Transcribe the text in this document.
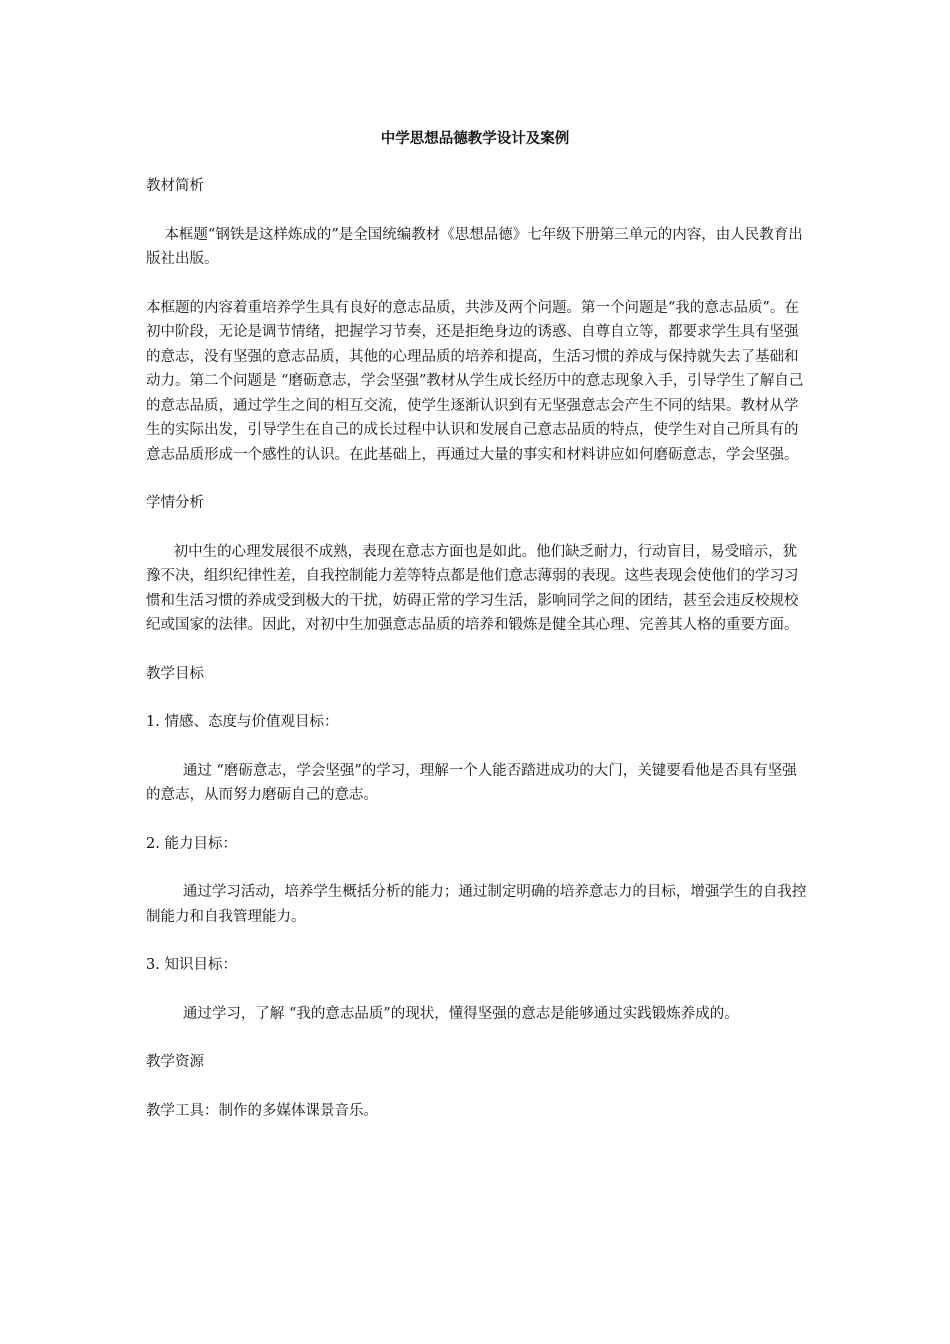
中学思想品德教学设计及案例

教材简析

本框题“钢铁是这样炼成的”是全国统编教材《思想品德》七年级下册第三单元的内容，由人民教育出版社出版。

本框题的内容着重培养学生具有良好的意志品质，共涉及两个问题。第一个问题是“我的意志品质”。在初中阶段，无论是调节情绪，把握学习节奏，还是拒绝身边的诱惑、自尊自立等，都要求学生具有坚强的意志，没有坚强的意志品质，其他的心理品质的培养和提高，生活习惯的养成与保持就失去了基础和动力。第二个问题是 “磨砺意志，学会坚强”教材从学生成长经历中的意志现象入手，引导学生了解自己的意志品质，通过学生之间的相互交流，使学生逐渐认识到有无坚强意志会产生不同的结果。教材从学生的实际出发，引导学生在自己的成长过程中认识和发展自己意志品质的特点，使学生对自己所具有的意志品质形成一个感性的认识。在此基础上，再通过大量的事实和材料讲应如何磨砺意志，学会坚强。

学情分析

初中生的心理发展很不成熟，表现在意志方面也是如此。他们缺乏耐力，行动盲目，易受暗示，犹豫不决，组织纪律性差，自我控制能力差等特点都是他们意志薄弱的表现。这些表现会使他们的学习习惯和生活习惯的养成受到极大的干扰，妨碍正常的学习生活，影响同学之间的团结，甚至会违反校规校纪或国家的法律。因此，对初中生加强意志品质的培养和锻炼是健全其心理、完善其人格的重要方面。

教学目标

1. 情感、态度与价值观目标：

通过 “磨砺意志，学会坚强”的学习，理解一个人能否踏进成功的大门，关键要看他是否具有坚强的意志，从而努力磨砺自己的意志。

2. 能力目标：

通过学习活动，培养学生概括分析的能力；通过制定明确的培养意志力的目标，增强学生的自我控制能力和自我管理能力。

3. 知识目标：

通过学习，了解 “我的意志品质”的现状，懂得坚强的意志是能够通过实践锻炼养成的。

教学资源

教学工具：制作的多媒体课景音乐。
